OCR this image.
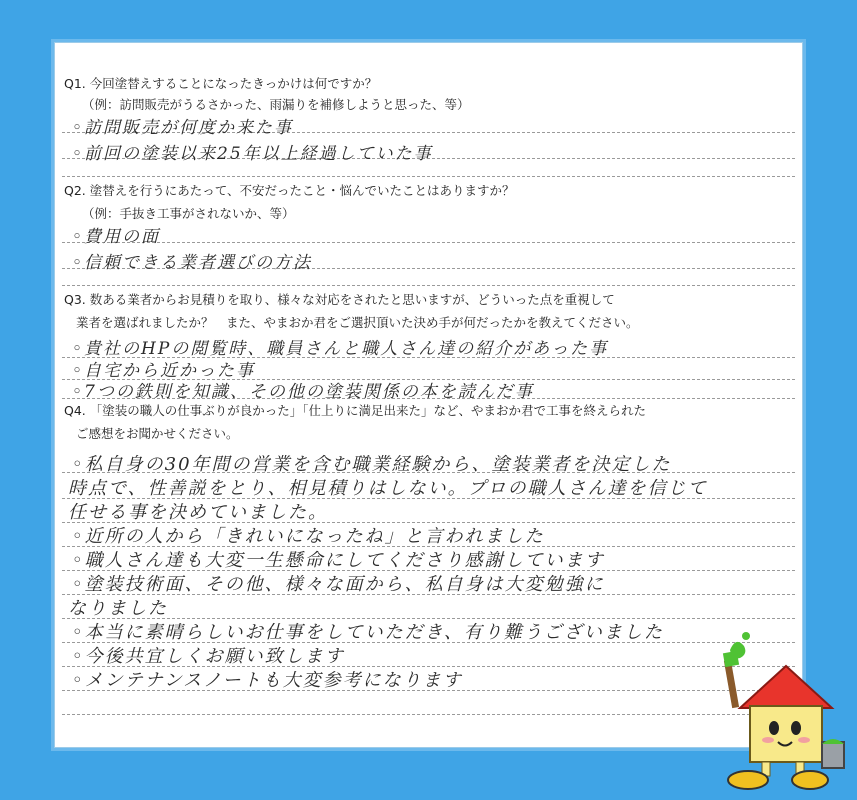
Q1. 今回塗替えすることになったきっかけは何ですか？
（例：訪問販売がうるさかった、雨漏りを補修しようと思った、等）
◦訪問販売が何度か来た事
◦前回の塗装以来25年以上経過していた事
Q2. 塗替えを行うにあたって、不安だったこと・悩んでいたことはありますか？
（例：手抜き工事がされないか、等）
◦費用の面
◦信頼できる業者選びの方法
Q3. 数ある業者からお見積りを取り、様々な対応をされたと思いますが、どういった点を重視して
業者を選ばれましたか？　また、やまおか君をご選択頂いた決め手が何だったかを教えてください。
◦貴社のHPの閲覧時、職員さんと職人さん達の紹介があった事
◦自宅から近かった事
◦7つの鉄則を知識、その他の塗装関係の本を読んだ事
Q4. 「塗装の職人の仕事ぶりが良かった」「仕上りに満足出来た」など、やまおか君で工事を終えられた
ご感想をお聞かせください。
◦私自身の30年間の営業を含む職業経験から、塗装業者を決定した
時点で、性善説をとり、相見積りはしない。プロの職人さん達を信じて
任せる事を決めていました。
◦近所の人から「きれいになったね」と言われました
◦職人さん達も大変一生懸命にしてくださり感謝しています
◦塗装技術面、その他、様々な面から、私自身は大変勉強に
なりました
◦本当に素晴らしいお仕事をしていただき、有り難うございました
◦今後共宜しくお願い致します
◦メンテナンスノートも大変参考になります
